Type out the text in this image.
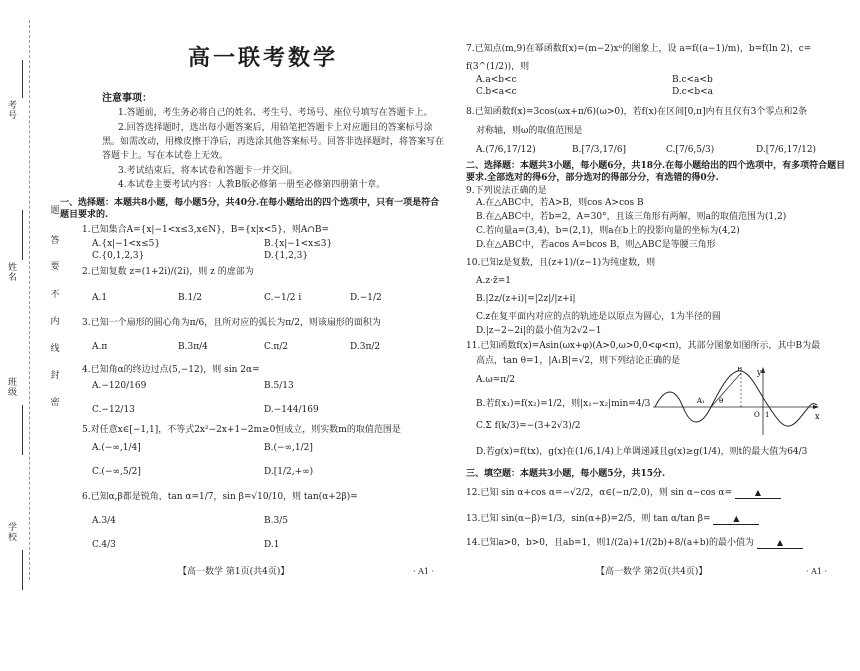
考号
姓名
班级
学校
题
答
要
不
内
线
封
密
高一联考数学
注意事项：
1.答题前，考生务必将自己的姓名、考生号、考场号、座位号填写在答题卡上。
2.回答选择题时，选出每小题答案后，用铅笔把答题卡上对应题目的答案标号涂
黑。如需改动，用橡皮擦干净后，再选涂其他答案标号。回答非选择题时，将答案写在
答题卡上。写在本试卷上无效。
3.考试结束后，将本试卷和答题卡一并交回。
4.本试卷主要考试内容：人教B版必修第一册至必修第四册第十章。
一、选择题：本题共8小题，每小题5分，共40分.在每小题给出的四个选项中，只有一项是符合题目要求的.
1.已知集合A={x|−1<x≤3,x∈N}，B={x|x<5}，则A∩B=
A.{x|−1<x≤5}	B.{x|−1<x≤3}
C.{0,1,2,3}	D.{1,2,3}
2.已知复数 z=(1+2i)/(2i)，则 z 的虚部为
A.1	B.1/2	C.−1/2 i	D.−1/2
3.已知一个扇形的圆心角为π/6，且所对应的弧长为π/2，则该扇形的面积为
A.π	B.3π/4	C.π/2	D.3π/2
4.已知角α的终边过点(5,−12)，则 sin 2α=
A.−120/169	B.5/13
C.−12/13	D.−144/169
5.对任意x∈[−1,1]，不等式2x²−2x+1−2m≥0恒成立，则实数m的取值范围是
A.(−∞,1/4]	B.(−∞,1/2]
C.(−∞,5/2]	D.[1/2,+∞)
6.已知α,β都是锐角，tan α=1/7，sin β=√10/10，则 tan(α+2β)=
A.3/4	B.3/5
C.4/3	D.1
【高一数学 第1页(共4页)】	· A1 ·
7.已知点(m,9)在幂函数f(x)=(m−2)xⁿ的图象上，设 a=f((a−1)/m)，b=f(ln 2)，c=
f(3^(1/2))，则
A.a<b<c	B.c<a<b
C.b<a<c	D.c<b<a
8.已知函数f(x)=3cos(ωx+π/6)(ω>0)，若f(x)在区间[0,π]内有且仅有3个零点和2条
对称轴，则ω的取值范围是
A.(7/6,17/12)	B.[7/3,17/6]	C.[7/6,5/3)	D.[7/6,17/12)
二、选择题：本题共3小题，每小题6分，共18分.在每小题给出的四个选项中，有多项符合题目要求.全部选对的得6分，部分选对的得部分分，有选错的得0分.
9.下列说法正确的是
A.在△ABC中，若A>B，则cos A>cos B
B.在△ABC中，若b=2，A=30°，且该三角形有两解，则a的取值范围为(1,2)
C.若向量a=(3,4)，b=(2,1)，则a在b上的投影向量的坐标为(4,2)
D.在△ABC中，若acos A=bcos B，则△ABC是等腰三角形
10.已知z是复数，且(z+1)/(z−1)为纯虚数，则
A.z·z̄=1
B.|2z/(z+i)|=|2z|/|z+i|
C.z在复平面内对应的点的轨迹是以原点为圆心，1为半径的圆
D.|z−2−2i|的最小值为2√2−1
11.已知函数f(x)=Asin(ωx+φ)(A>0,ω>0,0<φ<π)，其部分图象如图所示，其中B为最
高点，tan θ=1，|A₁B|=√2，则下列结论正确的是
A.ω=π/2
B.若f(x₁)=f(x₂)=1/2，则|x₁−x₂|min=4/3
C.Σ f(k/3)=−(3+2√3)/2
D.若g(x)=f(tx)，g(x)在(1/6,1/4)上单调递减且g(x)≥g(1/4)，则t的最大值为64/3
y
x
A₁
B
θ
O 1
三、填空题：本题共3小题，每小题5分，共15分.
12.已知 sin α+cos α=−√2/2，α∈(−π/2,0)，则 sin α−cos α=	▲
13.已知 sin(α−β)=1/3，sin(α+β)=2/5，则 tan α/tan β=	▲
14.已知a>0，b>0，且ab=1，则1/(2a)+1/(2b)+8/(a+b)的最小值为	▲
【高一数学 第2页(共4页)】	· A1 ·
